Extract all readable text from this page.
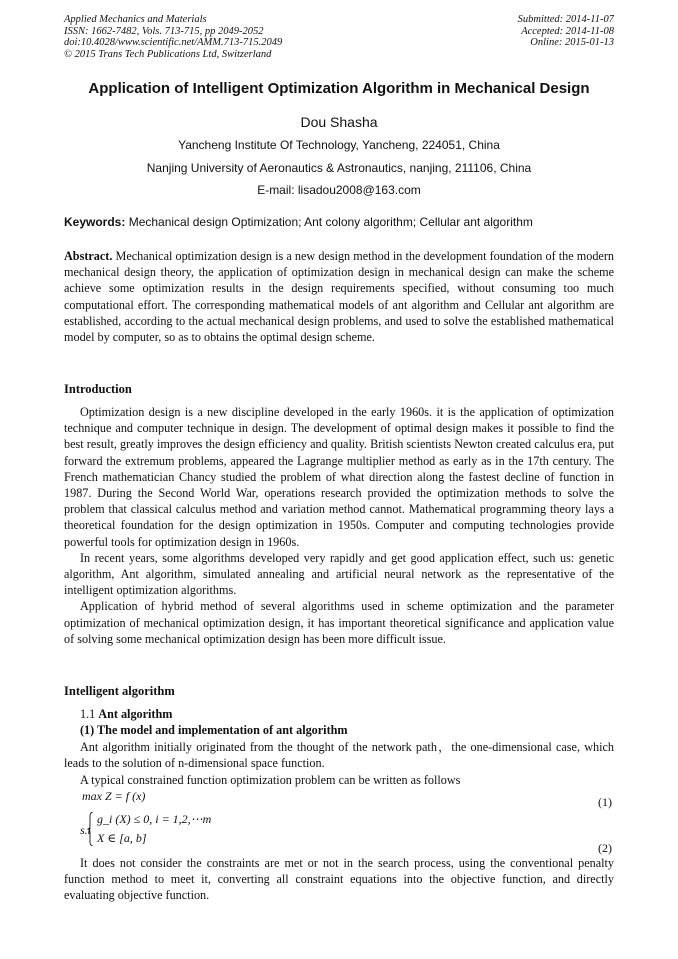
Applied Mechanics and Materials
ISSN: 1662-7482, Vols. 713-715, pp 2049-2052
doi:10.4028/www.scientific.net/AMM.713-715.2049
© 2015 Trans Tech Publications Ltd, Switzerland
Submitted: 2014-11-07
Accepted: 2014-11-08
Online: 2015-01-13
Application of Intelligent Optimization Algorithm in Mechanical Design
Dou Shasha
Yancheng Institute Of Technology, Yancheng, 224051, China
Nanjing University of Aeronautics & Astronautics, nanjing, 211106, China
E-mail: lisadou2008@163.com
Keywords: Mechanical design Optimization; Ant colony algorithm; Cellular ant algorithm

Abstract. Mechanical optimization design is a new design method in the development foundation of the modern mechanical design theory, the application of optimization design in mechanical design can make the scheme achieve some optimization results in the design requirements specified, without consuming too much computational effort. The corresponding mathematical models of ant algorithm and Cellular ant algorithm are established, according to the actual mechanical design problems, and used to solve the established mathematical model by computer, so as to obtains the optimal design scheme.

Introduction

Optimization design is a new discipline developed in the early 1960s. it is the application of optimization technique and computer technique in design. The development of optimal design makes it possible to find the best result, greatly improves the design efficiency and quality. British scientists Newton created calculus era, put forward the extremum problems, appeared the Lagrange multiplier method as early as in the 17th century. The French mathematician Chancy studied the problem of what direction along the fastest decline of function in 1987. During the Second World War, operations research provided the optimization methods to solve the problem that classical calculus method and variation method cannot. Mathematical programming theory lays a theoretical foundation for the design optimization in 1950s. Computer and computing technologies provide powerful tools for optimization design in 1960s.

In recent years, some algorithms developed very rapidly and get good application effect, such us: genetic algorithm, Ant algorithm, simulated annealing and artificial neural network as the representative of the intelligent optimization algorithms.

Application of hybrid method of several algorithms used in scheme optimization and the parameter optimization of mechanical optimization design, it has important theoretical significance and application value of solving some mechanical optimization design has been more difficult issue.

Intelligent algorithm
1.1 Ant algorithm
(1) The model and implementation of ant algorithm

Ant algorithm initially originated from the thought of the network path，the one-dimensional case, which leads to the solution of n-dimensional space function.

A typical constrained function optimization problem can be written as follows

max Z = f (x)	(1)
s.t
g_i (X) ≤ 0, i = 1,2,⋯m
X ∈ [a, b]
(2)

It does not consider the constraints are met or not in the search process, using the conventional penalty function method to meet it, converting all constraint equations into the objective function, and directly evaluating objective function.
